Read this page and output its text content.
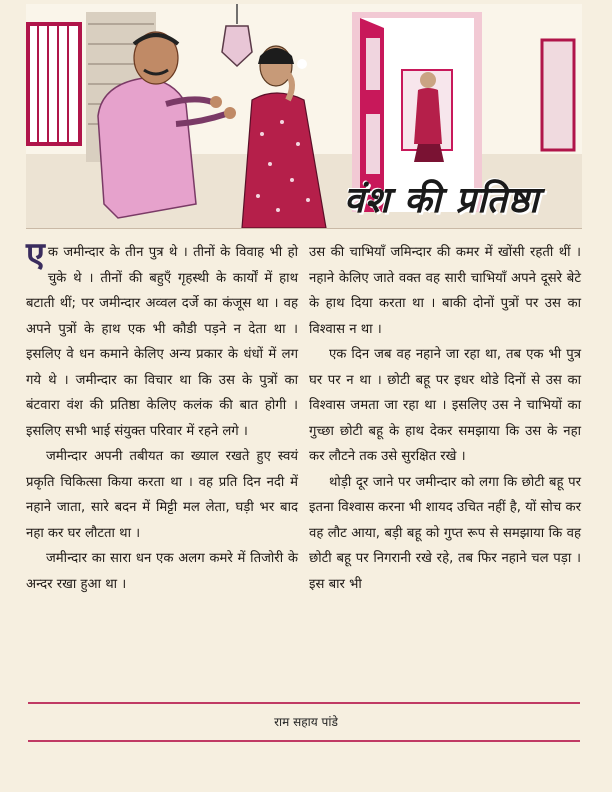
वंश की प्रतिष्ठा

एक जमीन्दार के तीन पुत्र थे । तीनों के विवाह भी हो चुके थे । तीनों की बहुएँ गृहस्थी के कार्यों में हाथ बटाती थीं; पर जमीन्दार अव्वल दर्जे का कंजूस था । वह अपने पुत्रों के हाथ एक भी कौडी पड़ने न देता था । इसलिए वे धन कमाने केलिए अन्य प्रकार के धंधों में लग गये थे । जमीन्दार का विचार था कि उस के पुत्रों का बंटवारा वंश की प्रतिष्ठा केलिए कलंक की बात होगी । इसलिए सभी भाई संयुक्त परिवार में रहने लगे ।

जमीन्दार अपनी तबीयत का ख्याल रखते हुए स्वयं प्रकृति चिकित्सा किया करता था । वह प्रति दिन नदी में नहाने जाता, सारे बदन में मिट्टी मल लेता, घड़ी भर बाद नहा कर घर लौटता था ।

जमीन्दार का सारा धन एक अलग कमरे में तिजोरी के अन्दर रखा हुआ था ।

उस की चाभियाँ जमिन्दार की कमर में खोंसी रहती थीं । नहाने केलिए जाते वक्त वह सारी चाभियाँ अपने दूसरे बेटे के हाथ दिया करता था । बाकी दोनों पुत्रों पर उस का विश्वास न था ।

एक दिन जब वह नहाने जा रहा था, तब एक भी पुत्र घर पर न था । छोटी बहू पर इधर थोडे दिनों से उस का विश्वास जमता जा रहा था । इसलिए उस ने चाभियों का गुच्छा छोटी बहू के हाथ देकर समझाया कि उस के नहा कर लौटने तक उसे सुरक्षित रखे ।

थोड़ी दूर जाने पर जमीन्दार को लगा कि छोटी बहू पर इतना विश्वास करना भी शायद उचित नहीं है, यों सोच कर वह लौट आया, बड़ी बहू को गुप्त रूप से समझाया कि वह छोटी बहू पर निगरानी रखे रहे, तब फिर नहाने चल पड़ा । इस बार भी

राम सहाय पांडे
